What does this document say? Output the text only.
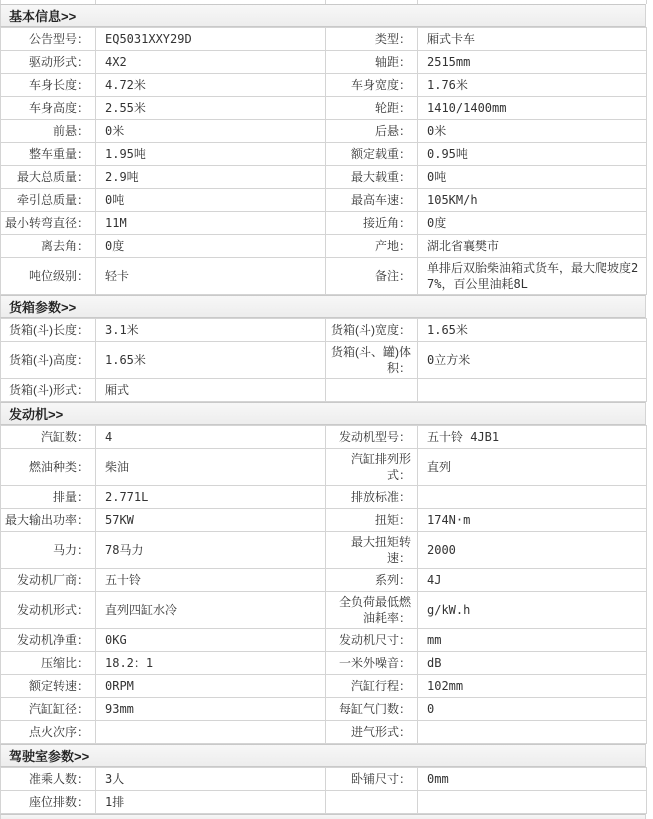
基本信息>>
公告型号：	EQ5031XXY29D	类型：	厢式卡车
驱动形式：	4X2	轴距：	2515mm
车身长度：	4.72米	车身宽度：	1.76米
车身高度：	2.55米	轮距：	1410/1400mm
前悬：	0米	后悬：	0米
整车重量：	1.95吨	额定载重：	0.95吨
最大总质量：	2.9吨	最大载重：	0吨
牵引总质量：	0吨	最高车速：	105KM/h
最小转弯直径：	11M	接近角：	0度
离去角：	0度	产地：	湖北省襄樊市
吨位级别：	轻卡	备注：	单排后双胎柴油箱式货车，最大爬坡度27%，百公里油耗8L
货箱参数>>
货箱(斗)长度：	3.1米	货箱(斗)宽度：	1.65米
货箱(斗)高度：	1.65米	货箱(斗、罐)体积：	0立方米
货箱(斗)形式：	厢式		
发动机>>
汽缸数：	4	发动机型号：	五十铃 4JB1
燃油种类：	柴油	汽缸排列形式：	直列
排量：	2.771L	排放标准：	
最大输出功率：	57KW	扭矩：	174N·m
马力：	78马力	最大扭矩转速：	2000
发动机厂商：	五十铃	系列：	4J
发动机形式：	直列四缸水冷	全负荷最低燃油耗率：	g/kW.h
发动机净重：	0KG	发动机尺寸：	mm
压缩比：	18.2：1	一米外噪音：	dB
额定转速：	0RPM	汽缸行程：	102mm
汽缸缸径：	93mm	每缸气门数：	0
点火次序：		进气形式：	
驾驶室参数>>
准乘人数：	3人	卧铺尺寸：	0mm
座位排数：	1排		
